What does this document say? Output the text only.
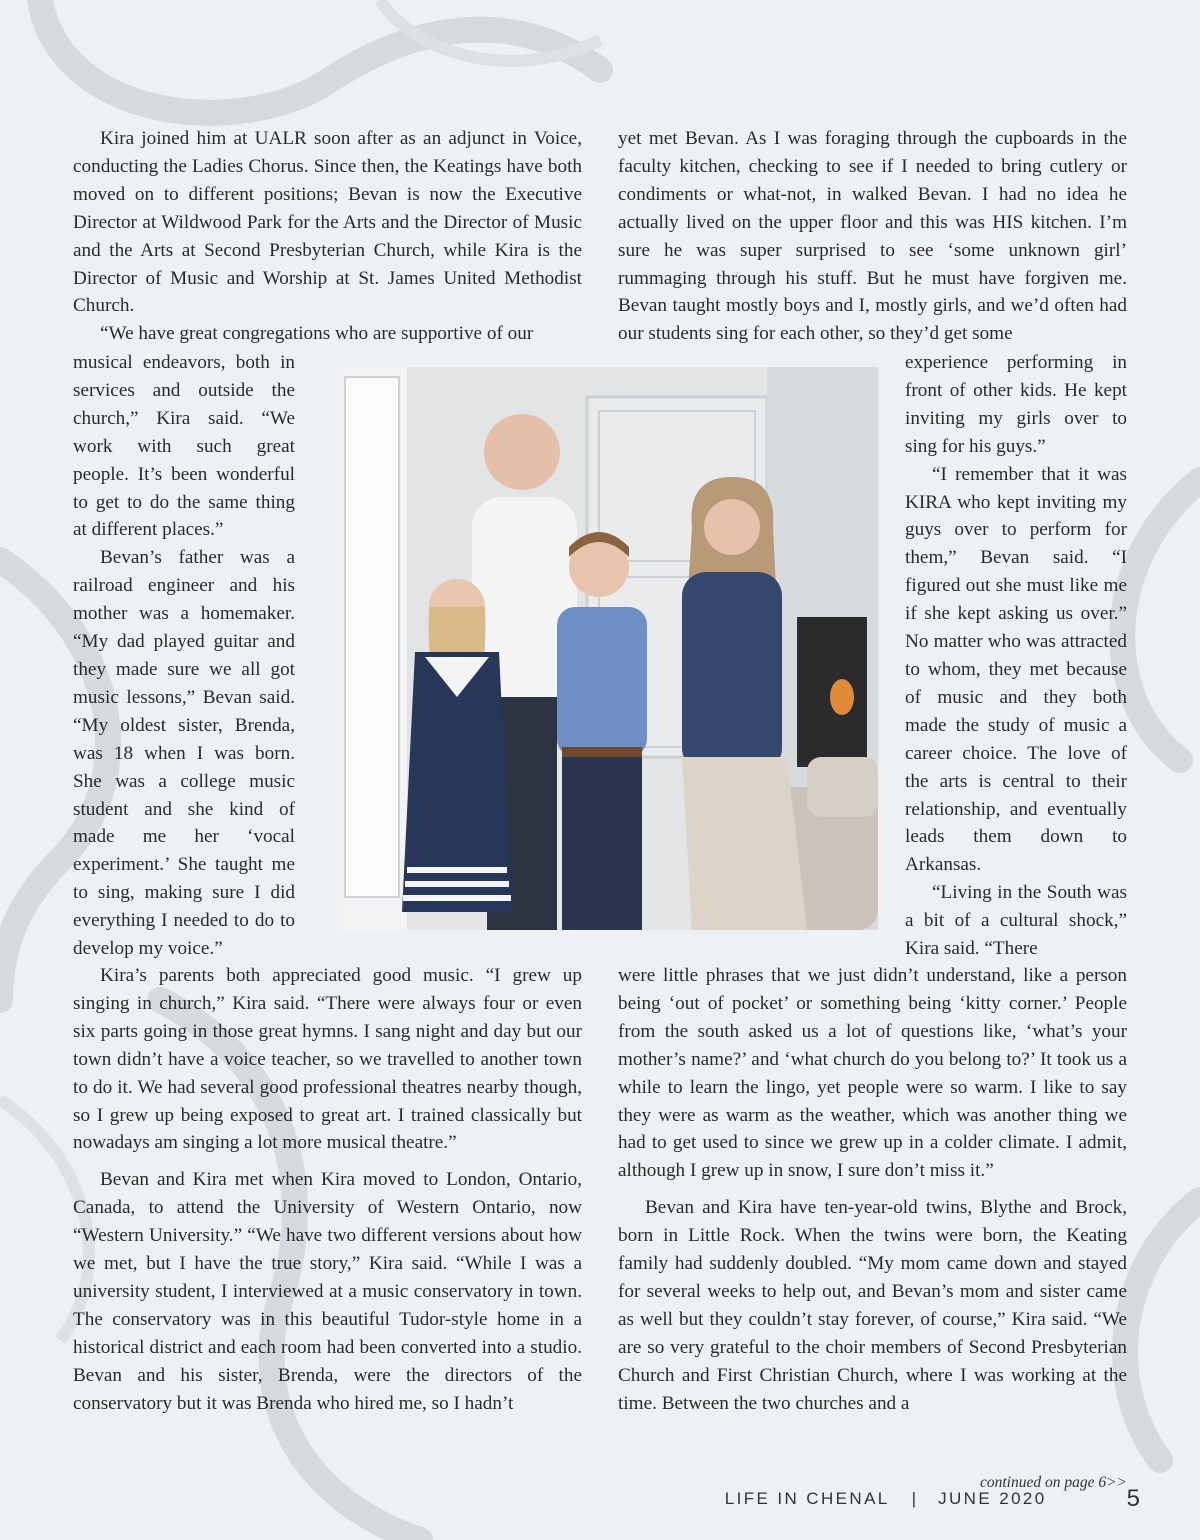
Kira joined him at UALR soon after as an adjunct in Voice, conducting the Ladies Chorus. Since then, the Keatings have both moved on to different positions; Bevan is now the Executive Director at Wildwood Park for the Arts and the Director of Music and the Arts at Second Presbyterian Church, while Kira is the Director of Music and Worship at St. James United Methodist Church.

“We have great congregations who are supportive of our

musical endeavors, both in services and outside the church,” Kira said. “We work with such great people. It’s been wonderful to get to do the same thing at different places.”

Bevan’s father was a railroad engineer and his mother was a homemaker. “My dad played guitar and they made sure we all got music lessons,” Bevan said. “My oldest sister, Brenda, was 18 when I was born. She was a college music student and she kind of made me her ‘vocal experiment.’ She taught me to sing, making sure I did everything I needed to do to develop my voice.”

Kira’s parents both appreciated good music. “I grew up singing in church,” Kira said. “There were always four or even six parts going in those great hymns. I sang night and day but our town didn’t have a voice teacher, so we travelled to another town to do it. We had several good professional theatres nearby though, so I grew up being exposed to great art. I trained classically but nowadays am singing a lot more musical theatre.”

Bevan and Kira met when Kira moved to London, Ontario, Canada, to attend the University of Western Ontario, now “Western University.” “We have two different versions about how we met, but I have the true story,” Kira said. “While I was a university student, I interviewed at a music conservatory in town. The conservatory was in this beautiful Tudor-style home in a historical district and each room had been converted into a studio. Bevan and his sister, Brenda, were the directors of the conservatory but it was Brenda who hired me, so I hadn’t

yet met Bevan. As I was foraging through the cupboards in the faculty kitchen, checking to see if I needed to bring cutlery or condiments or what-not, in walked Bevan. I had no idea he actually lived on the upper floor and this was HIS kitchen. I’m sure he was super surprised to see ‘some unknown girl’ rummaging through his stuff. But he must have forgiven me. Bevan taught mostly boys and I, mostly girls, and we’d often had our students sing for each other, so they’d get some

experience performing in front of other kids. He kept inviting my girls over to sing for his guys.”

“I remember that it was KIRA who kept inviting my guys over to perform for them,” Bevan said. “I figured out she must like me if she kept asking us over.” No matter who was attracted to whom, they met because of music and they both made the study of music a career choice. The love of the arts is central to their relationship, and eventually leads them down to Arkansas.

“Living in the South was a bit of a cultural shock,” Kira said. “There

were little phrases that we just didn’t understand, like a person being ‘out of pocket’ or something being ‘kitty corner.’ People from the south asked us a lot of questions like, ‘what’s your mother’s name?’ and ‘what church do you belong to?’ It took us a while to learn the lingo, yet people were so warm. I like to say they were as warm as the weather, which was another thing we had to get used to since we grew up in a colder climate. I admit, although I grew up in snow, I sure don’t miss it.”

Bevan and Kira have ten-year-old twins, Blythe and Brock, born in Little Rock. When the twins were born, the Keating family had suddenly doubled. “My mom came down and stayed for several weeks to help out, and Bevan’s mom and sister came as well but they couldn’t stay forever, of course,” Kira said. “We are so very grateful to the choir members of Second Presbyterian Church and First Christian Church, where I was working at the time. Between the two churches and a

continued on page 6>>
LIFE IN CHENAL | JUNE 2020	5
